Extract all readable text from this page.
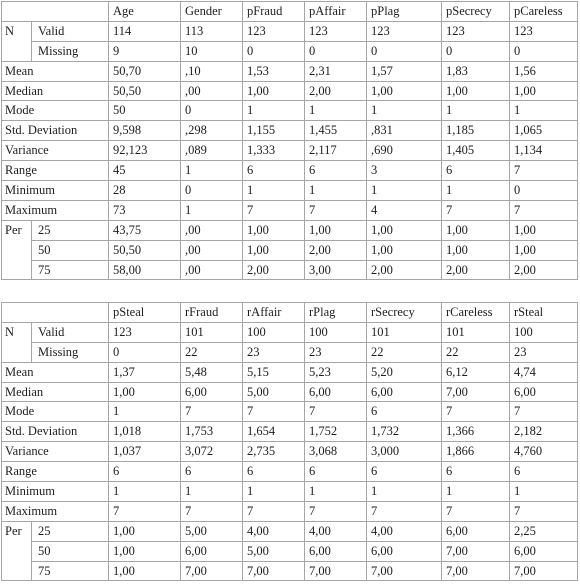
		Age	Gender	pFraud	pAffair	pPlag	pSecrecy	pCareless
N	Valid	114	113	123	123	123	123	123
	Missing	9	10	0	0	0	0	0
Mean		50,70	,10	1,53	2,31	1,57	1,83	1,56
Median		50,50	,00	1,00	2,00	1,00	1,00	1,00
Mode		50	0	1	1	1	1	1
Std. Deviation		9,598	,298	1,155	1,455	,831	1,185	1,065
Variance		92,123	,089	1,333	2,117	,690	1,405	1,134
Range		45	1	6	6	3	6	7
Minimum		28	0	1	1	1	1	0
Maximum		73	1	7	7	4	7	7
Per	25	43,75	,00	1,00	1,00	1,00	1,00	1,00
	50	50,50	,00	1,00	2,00	1,00	1,00	1,00
	75	58,00	,00	2,00	3,00	2,00	2,00	2,00
		pSteal	rFraud	rAffair	rPlag	rSecrecy	rCareless	rSteal
N	Valid	123	101	100	100	101	101	100
	Missing	0	22	23	23	22	22	23
Mean		1,37	5,48	5,15	5,23	5,20	6,12	4,74
Median		1,00	6,00	5,00	6,00	6,00	7,00	6,00
Mode		1	7	7	7	6	7	7
Std. Deviation		1,018	1,753	1,654	1,752	1,732	1,366	2,182
Variance		1,037	3,072	2,735	3,068	3,000	1,866	4,760
Range		6	6	6	6	6	6	6
Minimum		1	1	1	1	1	1	1
Maximum		7	7	7	7	7	7	7
Per	25	1,00	5,00	4,00	4,00	4,00	6,00	2,25
	50	1,00	6,00	5,00	6,00	6,00	7,00	6,00
	75	1,00	7,00	7,00	7,00	7,00	7,00	7,00
